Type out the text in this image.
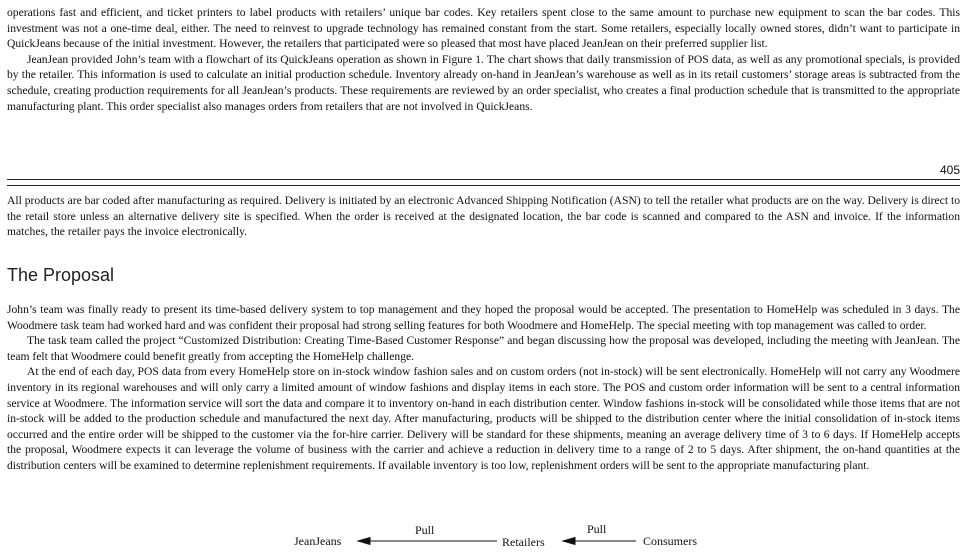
operations fast and efficient, and ticket printers to label products with retailers’ unique bar codes. Key retailers spent close to the same amount to purchase new equipment to scan the bar codes. This investment was not a one-time deal, either. The need to reinvest to upgrade technology has remained constant from the start. Some retailers, especially locally owned stores, didn’t want to participate in QuickJeans because of the initial investment. However, the retailers that participated were so pleased that most have placed JeanJean on their preferred supplier list.

JeanJean provided John’s team with a flowchart of its QuickJeans operation as shown in Figure 1. The chart shows that daily transmission of POS data, as well as any promotional specials, is provided by the retailer. This information is used to calculate an initial production schedule. Inventory already on-hand in JeanJean’s warehouse as well as in its retail customers’ storage areas is subtracted from the schedule, creating production requirements for all JeanJean’s products. These requirements are reviewed by an order specialist, who creates a final production schedule that is transmitted to the appropriate manufacturing plant. This order specialist also manages orders from retailers that are not involved in QuickJeans.

405

All products are bar coded after manufacturing as required. Delivery is initiated by an electronic Advanced Shipping Notification (ASN) to tell the retailer what products are on the way. Delivery is direct to the retail store unless an alternative delivery site is specified. When the order is received at the designated location, the bar code is scanned and compared to the ASN and invoice. If the information matches, the retailer pays the invoice electronically.

The Proposal

John’s team was finally ready to present its time-based delivery system to top management and they hoped the proposal would be accepted. The presentation to HomeHelp was scheduled in 3 days. The Woodmere task team had worked hard and was confident their proposal had strong selling features for both Woodmere and HomeHelp. The special meeting with top management was called to order.

The task team called the project “Customized Distribution: Creating Time-Based Customer Response” and began discussing how the proposal was developed, including the meeting with JeanJean. The team felt that Woodmere could benefit greatly from accepting the HomeHelp challenge.

At the end of each day, POS data from every HomeHelp store on in-stock window fashion sales and on custom orders (not in-stock) will be sent electronically. HomeHelp will not carry any Woodmere inventory in its regional warehouses and will only carry a limited amount of window fashions and display items in each store. The POS and custom order information will be sent to a central information service at Woodmere. The information service will sort the data and compare it to inventory on-hand in each distribution center. Window fashions in-stock will be consolidated while those items that are not in-stock will be added to the production schedule and manufactured the next day. After manufacturing, products will be shipped to the distribution center where the initial consolidation of in-stock items occurred and the entire order will be shipped to the customer via the for-hire carrier. Delivery will be standard for these shipments, meaning an average delivery time of 3 to 6 days. If HomeHelp accepts the proposal, Woodmere expects it can leverage the volume of business with the carrier and achieve a reduction in delivery time to a range of 2 to 5 days. After shipment, the on-hand quantities at the distribution centers will be examined to determine replenishment requirements. If available inventory is too low, replenishment orders will be sent to the appropriate manufacturing plant.

JeanJeans
Pull
Retailers
Pull
Consumers
